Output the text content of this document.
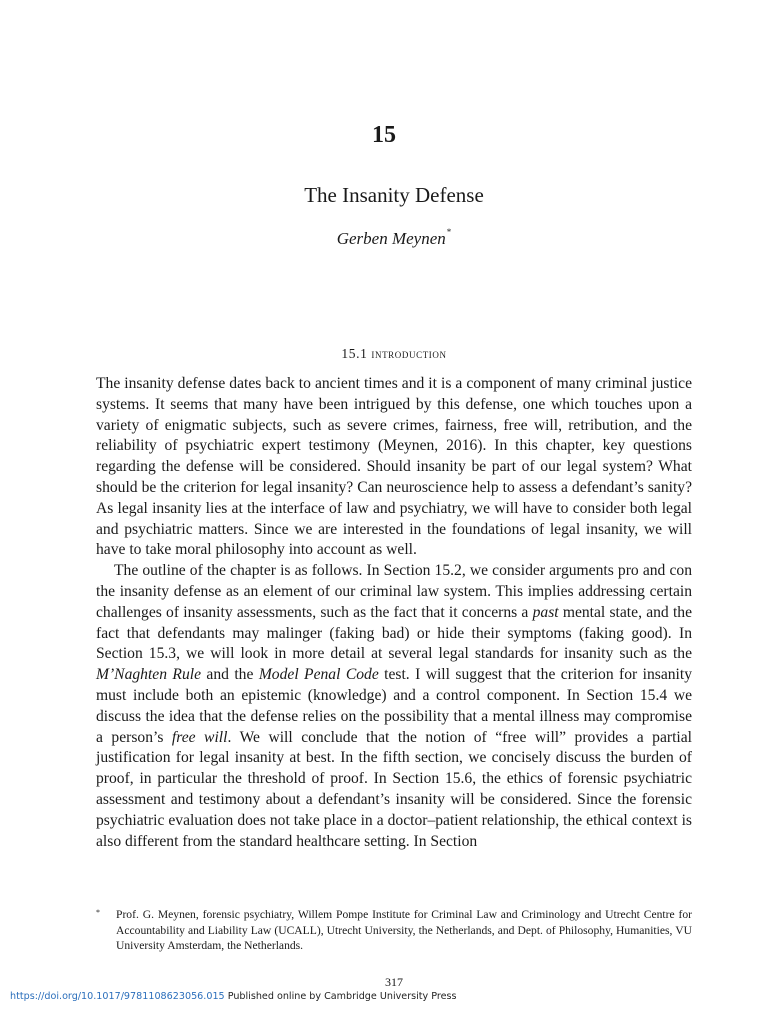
15
The Insanity Defense
Gerben Meynen*
15.1 introduction

The insanity defense dates back to ancient times and it is a component of many criminal justice systems. It seems that many have been intrigued by this defense, one which touches upon a variety of enigmatic subjects, such as severe crimes, fairness, free will, retribution, and the reliability of psychiatric expert testimony (Meynen, 2016). In this chapter, key questions regarding the defense will be considered. Should insanity be part of our legal system? What should be the criterion for legal insanity? Can neuroscience help to assess a defendant’s sanity? As legal insanity lies at the interface of law and psychiatry, we will have to consider both legal and psychiatric matters. Since we are interested in the foundations of legal insanity, we will have to take moral philosophy into account as well.

The outline of the chapter is as follows. In Section 15.2, we consider arguments pro and con the insanity defense as an element of our criminal law system. This implies addressing certain challenges of insanity assessments, such as the fact that it concerns a past mental state, and the fact that defendants may malinger (faking bad) or hide their symptoms (faking good). In Section 15.3, we will look in more detail at several legal standards for insanity such as the M’Naghten Rule and the Model Penal Code test. I will suggest that the criterion for insanity must include both an epistemic (knowledge) and a control component. In Section 15.4 we discuss the idea that the defense relies on the possibility that a mental illness may compromise a person’s free will. We will conclude that the notion of “free will” provides a partial justification for legal insanity at best. In the fifth section, we concisely discuss the burden of proof, in particular the threshold of proof. In Section 15.6, the ethics of forensic psychiatric assessment and testimony about a defendant’s insanity will be considered. Since the forensic psychiatric evaluation does not take place in a doctor–patient relationship, the ethical context is also different from the standard healthcare setting. In Section

* Prof. G. Meynen, forensic psychiatry, Willem Pompe Institute for Criminal Law and Criminology and Utrecht Centre for Accountability and Liability Law (UCALL), Utrecht University, the Netherlands, and Dept. of Philosophy, Humanities, VU University Amsterdam, the Netherlands.
317
https://doi.org/10.1017/9781108623056.015 Published online by Cambridge University Press
